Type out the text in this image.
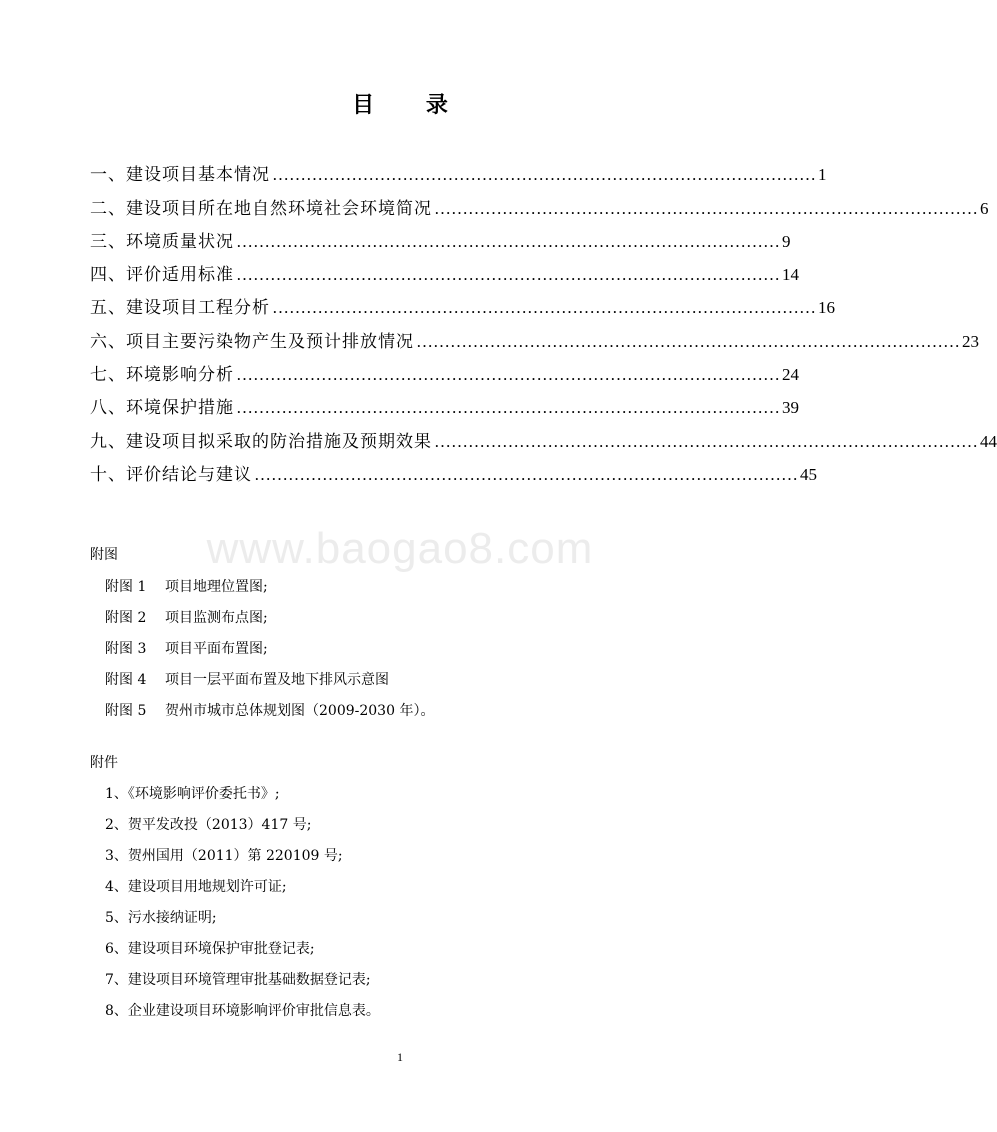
目 录
一、建设项目基本情况 …………………………………………………………………………………… 1
二、建设项目所在地自然环境社会环境简况 …………………………………………………………………………………… 6
三、环境质量状况 …………………………………………………………………………………… 9
四、评价适用标准 …………………………………………………………………………………… 14
五、建设项目工程分析 …………………………………………………………………………………… 16
六、项目主要污染物产生及预计排放情况 …………………………………………………………………………………… 23
七、环境影响分析 …………………………………………………………………………………… 24
八、环境保护措施 …………………………………………………………………………………… 39
九、建设项目拟采取的防治措施及预期效果 …………………………………………………………………………………… 44
十、评价结论与建议 …………………………………………………………………………………… 45
www.baogao8.com
附图
附图 1 项目地理位置图;
附图 2 项目监测布点图;
附图 3 项目平面布置图;
附图 4 项目一层平面布置及地下排风示意图
附图 5 贺州市城市总体规划图（2009-2030 年）。
附件
1、《环境影响评价委托书》;
2、贺平发改投（2013）417 号;
3、贺州国用（2011）第 220109 号;
4、建设项目用地规划许可证;
5、污水接纳证明;
6、建设项目环境保护审批登记表;
7、建设项目环境管理审批基础数据登记表;
8、企业建设项目环境影响评价审批信息表。
1
